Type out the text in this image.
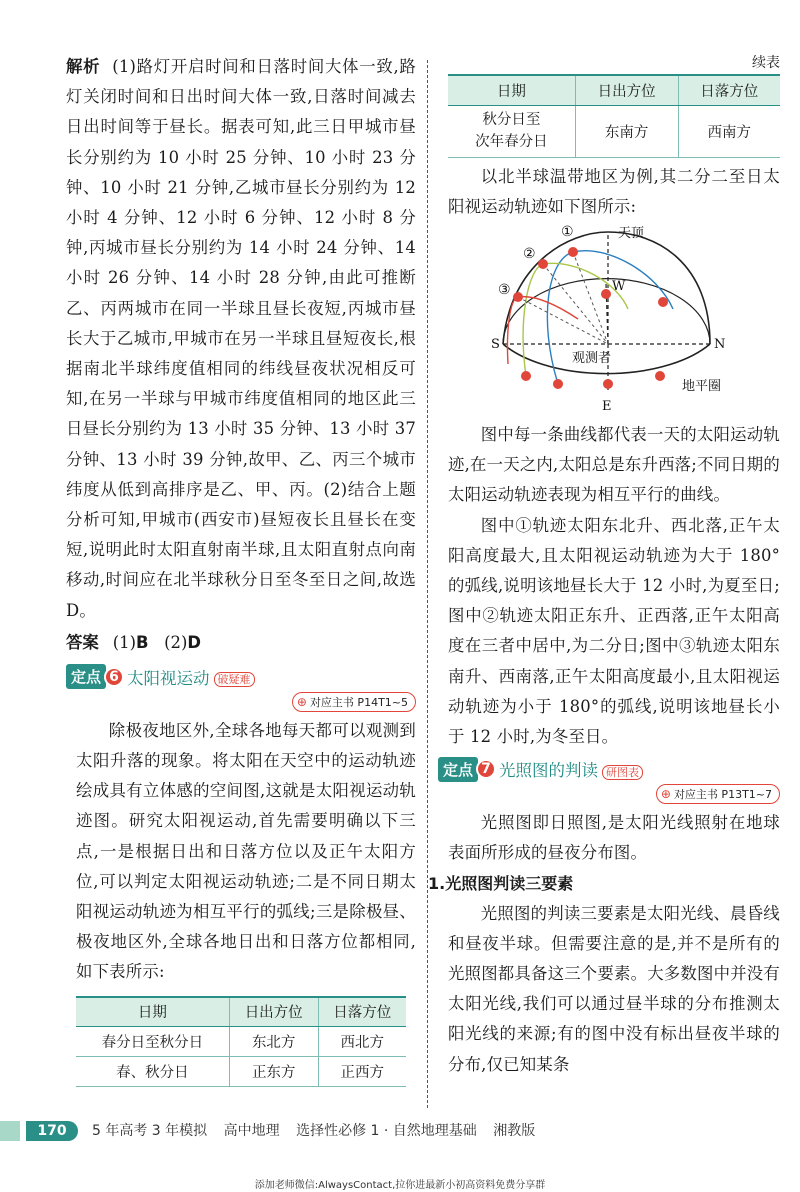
解析 (1)路灯开启时间和日落时间大体一致,路灯关闭时间和日出时间大体一致,日落时间减去日出时间等于昼长。据表可知,此三日甲城市昼长分别约为 10 小时 25 分钟、10 小时 23 分钟、10 小时 21 分钟,乙城市昼长分别约为 12 小时 4 分钟、12 小时 6 分钟、12 小时 8 分钟,丙城市昼长分别约为 14 小时 24 分钟、14 小时 26 分钟、14 小时 28 分钟,由此可推断乙、丙两城市在同一半球且昼长夜短,丙城市昼长大于乙城市,甲城市在另一半球且昼短夜长,根据南北半球纬度值相同的纬线昼夜状况相反可知,在另一半球与甲城市纬度值相同的地区此三日昼长分别约为 13 小时 35 分钟、13 小时 37 分钟、13 小时 39 分钟,故甲、乙、丙三个城市纬度从低到高排序是乙、甲、丙。(2)结合上题分析可知,甲城市(西安市)昼短夜长且昼长在变短,说明此时太阳直射南半球,且太阳直射点向南移动,时间应在北半球秋分日至冬至日之间,故选 D。

答案 (1)B (2)D

定点 6 太阳视运动 破疑难
⊕ 对应主书 P14T1~5

除极夜地区外,全球各地每天都可以观测到太阳升落的现象。将太阳在天空中的运动轨迹绘成具有立体感的空间图,这就是太阳视运动轨迹图。研究太阳视运动,首先需要明确以下三点,一是根据日出和日落方位以及正午太阳方位,可以判定太阳视运动轨迹;二是不同日期太阳视运动轨迹为相互平行的弧线;三是除极昼、极夜地区外,全球各地日出和日落方位都相同,如下表所示:

日期	日出方位	日落方位
春分日至秋分日	东北方	西北方
春、秋分日	正东方	正西方
续表
日期	日出方位	日落方位
秋分日至
次年春分日	东南方	西南方

以北半球温带地区为例,其二分二至日太阳视运动轨迹如下图所示:

天顶
W
S	N
E
观测者
地平圈
①
②
③

图中每一条曲线都代表一天的太阳运动轨迹,在一天之内,太阳总是东升西落;不同日期的太阳运动轨迹表现为相互平行的曲线。

图中①轨迹太阳东北升、西北落,正午太阳高度最大,且太阳视运动轨迹为大于 180°的弧线,说明该地昼长大于 12 小时,为夏至日;图中②轨迹太阳正东升、正西落,正午太阳高度在三者中居中,为二分日;图中③轨迹太阳东南升、西南落,正午太阳高度最小,且太阳视运动轨迹为小于 180°的弧线,说明该地昼长小于 12 小时,为冬至日。

定点 7 光照图的判读 研图表
⊕ 对应主书 P13T1~7

光照图即日照图,是太阳光线照射在地球表面所形成的昼夜分布图。

1.光照图判读三要素

光照图的判读三要素是太阳光线、晨昏线和昼夜半球。但需要注意的是,并不是所有的光照图都具备这三个要素。大多数图中并没有太阳光线,我们可以通过昼半球的分布推测太阳光线的来源;有的图中没有标出昼夜半球的分布,仅已知某条

170	5 年高考 3 年模拟 高中地理 选择性必修 1 · 自然地理基础 湘教版
添加老师微信:AlwaysContact,拉你进最新小初高资料免费分享群
